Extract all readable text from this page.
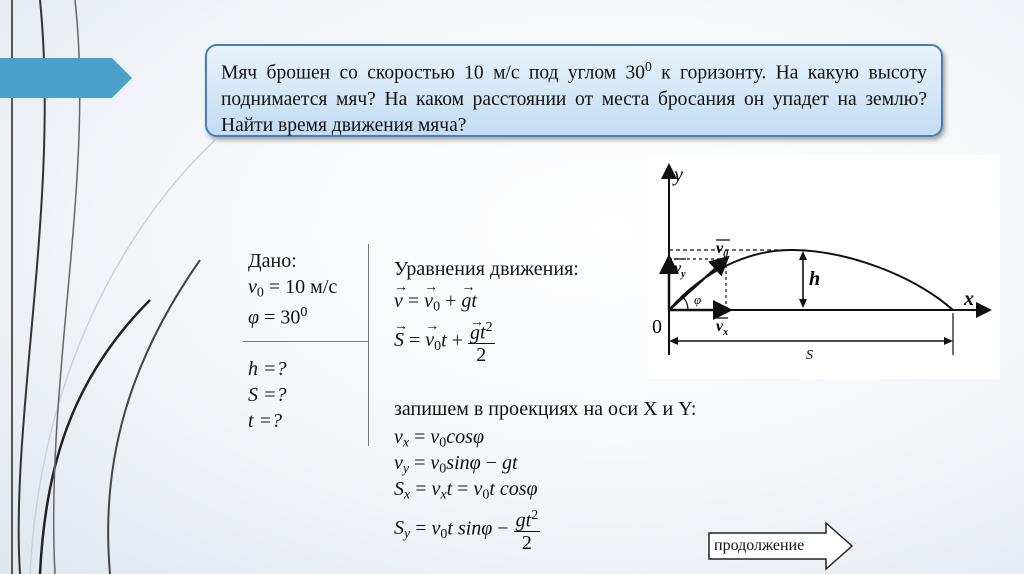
Мяч брошен со скоростью 10 м/с под углом $30^0$ к горизонту. На какую высоту поднимается мяч? На каком расстоянии от места бросания он упадет на землю? Найти время движения мяча?
y
x
0
h
$v_0$
$v_y$
$v_x$
φ
S
Дано:
$v_0 = 10$ м/с
$\varphi = 30^0$
h =?
S =?
t =?
Уравнения движения:
→ v = → $v_0$ + → gt
→ S = → $v_0t$ +
→ $\frac{gt^2}{2}$
запишем в проекциях на оси X и Y:
$v_x = v_0\cos\varphi$
$v_y = v_0\sin\varphi$ − gt
$S_x = v_xt = v_0t$ cosφ
$S_y = v_0t$ $\sin\varphi - \frac{gt^2}{2}$	продолжение
